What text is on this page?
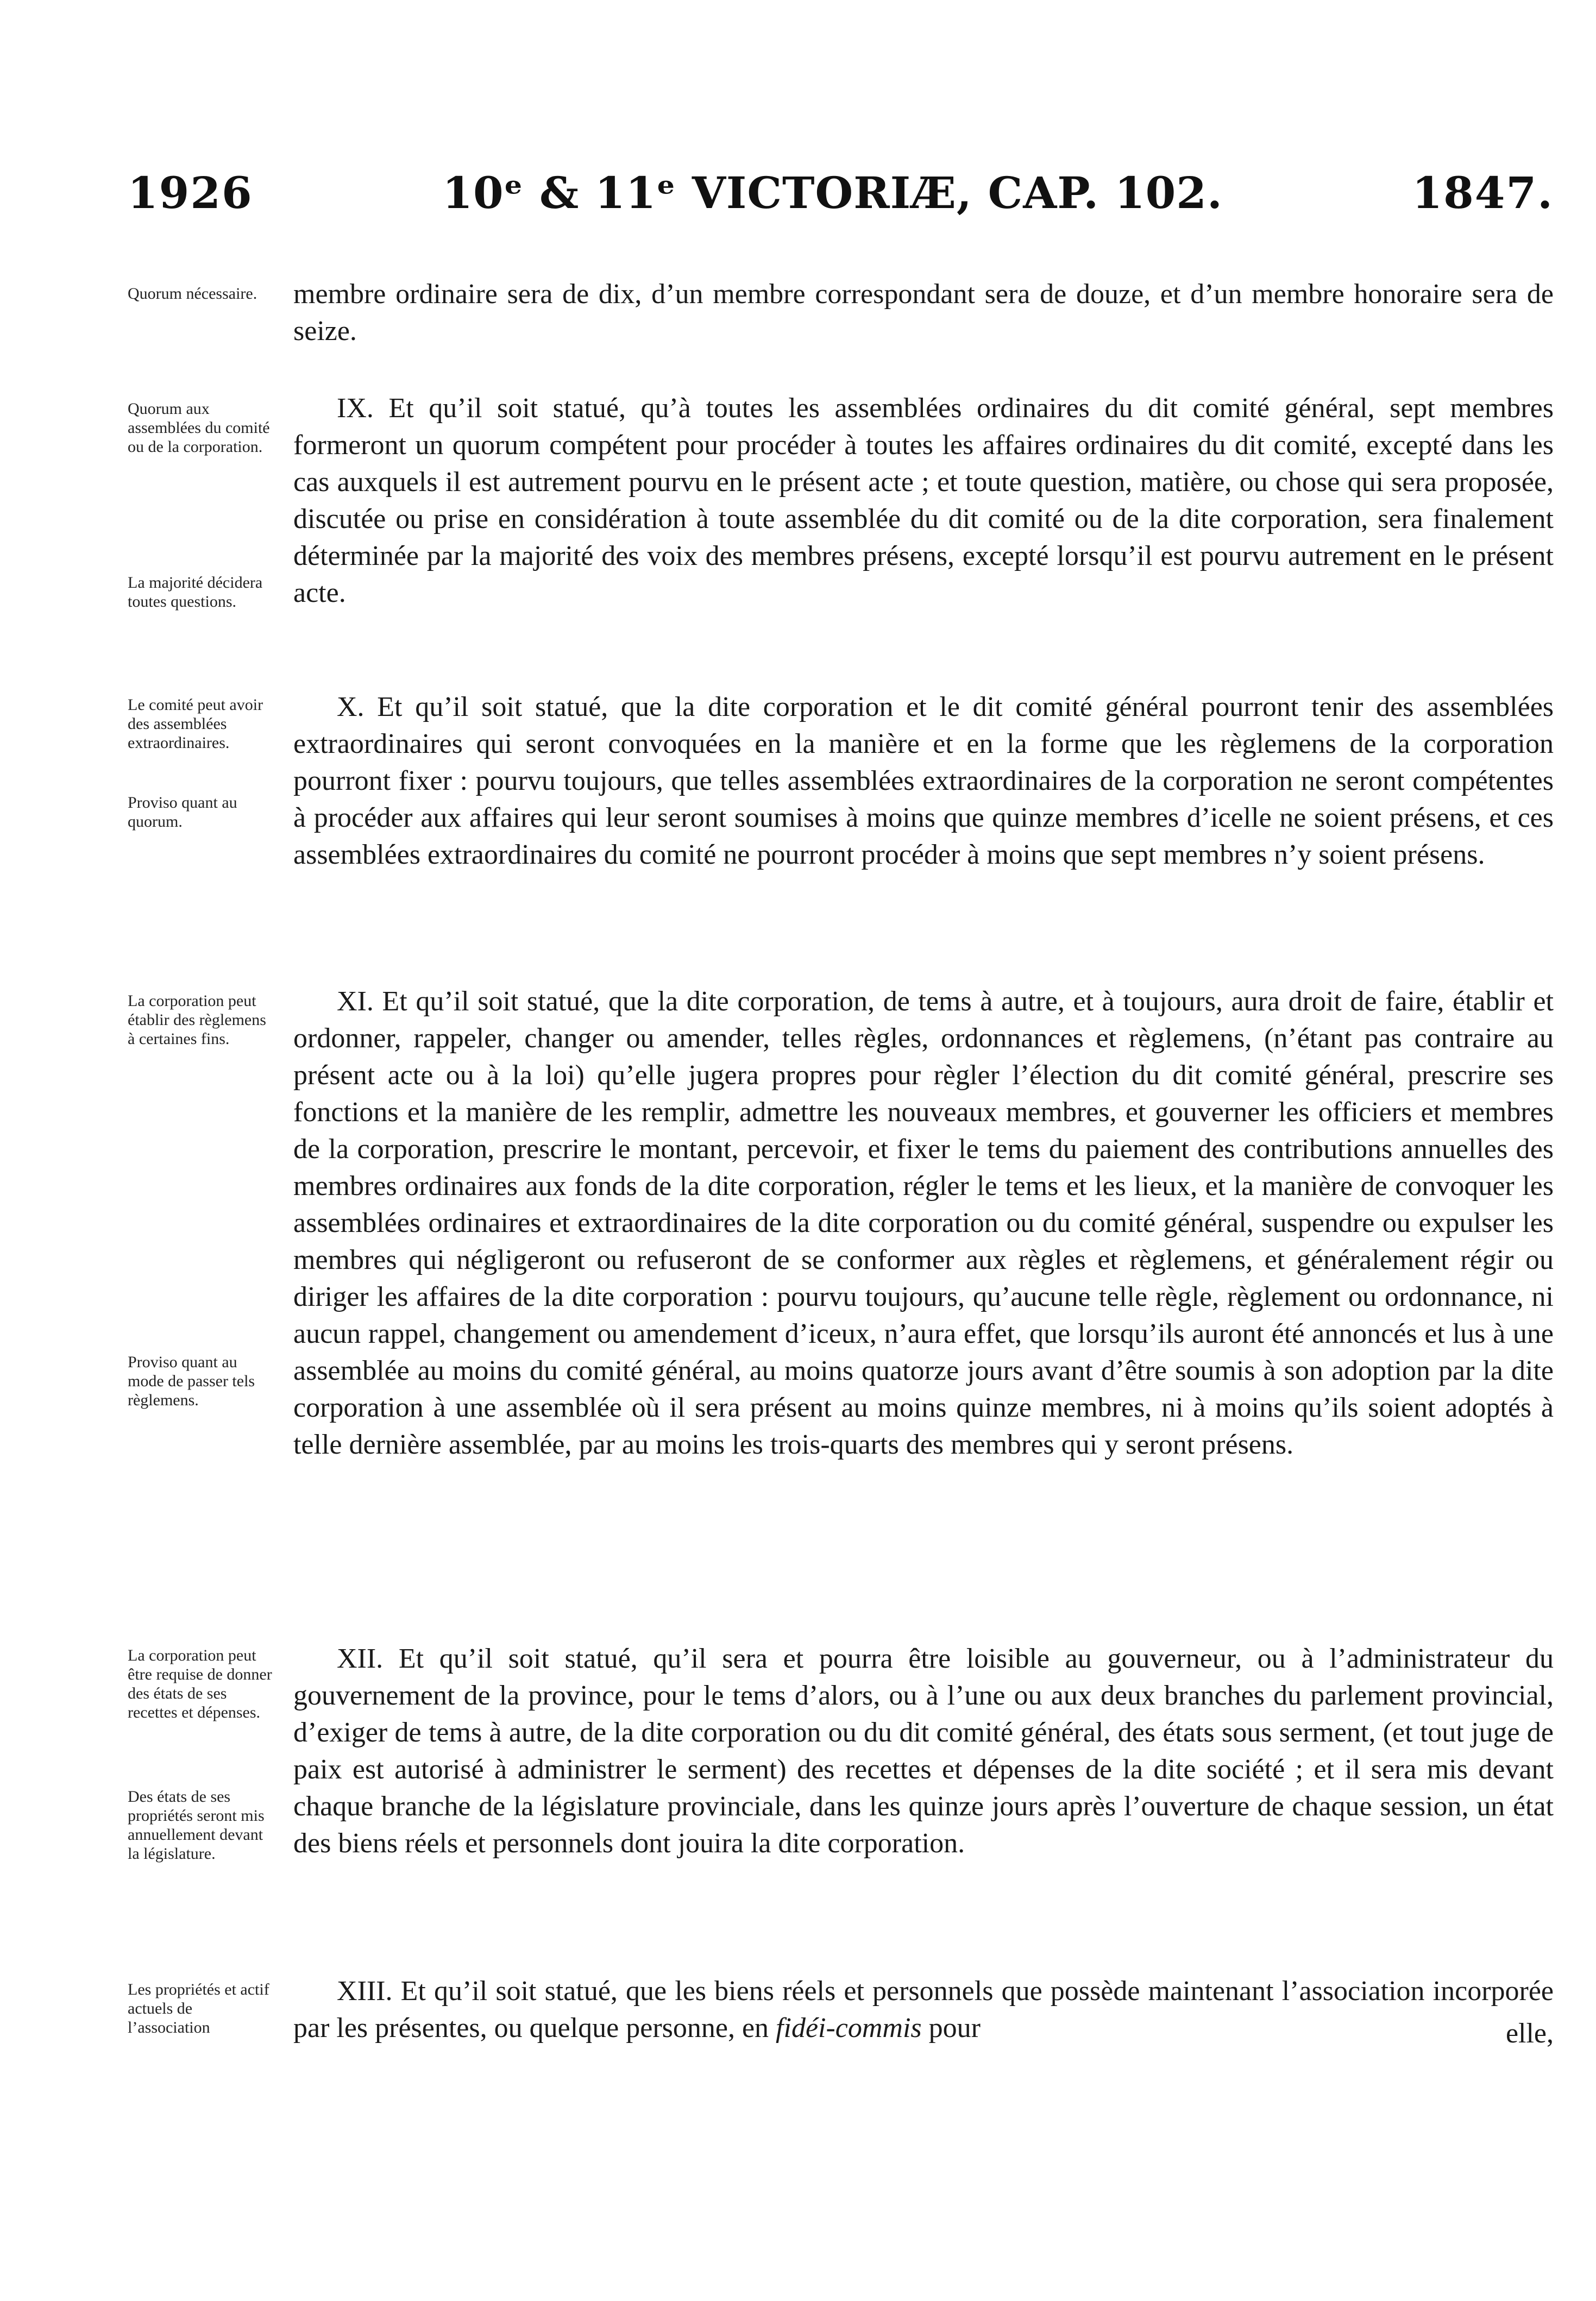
1926	10ᵉ & 11ᵉ VICTORIÆ, CAP. 102.	1847.
Quorum nécessaire.	membre ordinaire sera de dix, d’un membre correspondant sera de douze, et d’un membre honoraire sera de seize.
Quorum aux assemblées du comité ou de la corporation.
La majorité décidera toutes questions.
IX. Et qu’il soit statué, qu’à toutes les assemblées ordinaires du dit comité général, sept membres formeront un quorum compétent pour procéder à toutes les affaires ordinaires du dit comité, excepté dans les cas auxquels il est autrement pourvu en le présent acte ; et toute question, matière, ou chose qui sera proposée, discutée ou prise en considération à toute assemblée du dit comité ou de la dite corporation, sera finalement déterminée par la majorité des voix des membres présens, excepté lorsqu’il est pourvu autrement en le présent acte.
Le comité peut avoir des assemblées extraordinaires.
Proviso quant au quorum.
X. Et qu’il soit statué, que la dite corporation et le dit comité général pourront tenir des assemblées extraordinaires qui seront convoquées en la manière et en la forme que les règlemens de la corporation pourront fixer : pourvu toujours, que telles assemblées extraordinaires de la corporation ne seront compétentes à procéder aux affaires qui leur seront soumises à moins que quinze membres d’icelle ne soient présens, et ces assemblées extraordinaires du comité ne pourront procéder à moins que sept membres n’y soient présens.
La corporation peut établir des règlemens à certaines fins.
Proviso quant au mode de passer tels règlemens.
XI. Et qu’il soit statué, que la dite corporation, de tems à autre, et à toujours, aura droit de faire, établir et ordonner, rappeler, changer ou amender, telles règles, ordonnances et règlemens, (n’étant pas contraire au présent acte ou à la loi) qu’elle jugera propres pour règler l’élection du dit comité général, prescrire ses fonctions et la manière de les remplir, admettre les nouveaux membres, et gouverner les officiers et membres de la corporation, prescrire le montant, percevoir, et fixer le tems du paiement des contributions annuelles des membres ordinaires aux fonds de la dite corporation, régler le tems et les lieux, et la manière de convoquer les assemblées ordinaires et extraordinaires de la dite corporation ou du comité général, suspendre ou expulser les membres qui négligeront ou refuseront de se conformer aux règles et règlemens, et généralement régir ou diriger les affaires de la dite corporation : pourvu toujours, qu’aucune telle règle, règlement ou ordonnance, ni aucun rappel, changement ou amendement d’iceux, n’aura effet, que lorsqu’ils auront été annoncés et lus à une assemblée au moins du comité général, au moins quatorze jours avant d’être soumis à son adoption par la dite corporation à une assemblée où il sera présent au moins quinze membres, ni à moins qu’ils soient adoptés à telle dernière assemblée, par au moins les trois-quarts des membres qui y seront présens.
La corporation peut être requise de donner des états de ses recettes et dépenses.
Des états de ses propriétés seront mis annuellement devant la législature.
XII. Et qu’il soit statué, qu’il sera et pourra être loisible au gouverneur, ou à l’administrateur du gouvernement de la province, pour le tems d’alors, ou à l’une ou aux deux branches du parlement provincial, d’exiger de tems à autre, de la dite corporation ou du dit comité général, des états sous serment, (et tout juge de paix est autorisé à administrer le serment) des recettes et dépenses de la dite société ; et il sera mis devant chaque branche de la législature provinciale, dans les quinze jours après l’ouverture de chaque session, un état des biens réels et personnels dont jouira la dite corporation.
Les propriétés et actif actuels de l’association
XIII. Et qu’il soit statué, que les biens réels et personnels que possède maintenant l’association incorporée par les présentes, ou quelque personne, en fidéi-commis pour	elle,
